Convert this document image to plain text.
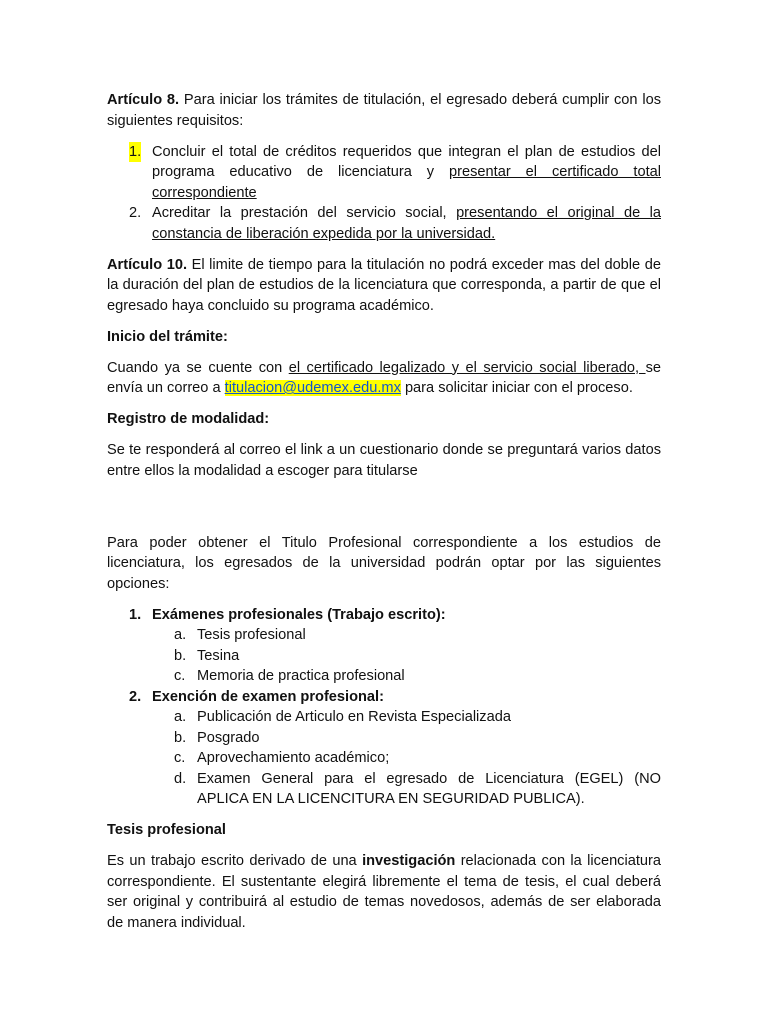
Artículo 8. Para iniciar los trámites de titulación, el egresado deberá cumplir con los siguientes requisitos:

1. Concluir el total de créditos requeridos que integran el plan de estudios del programa educativo de licenciatura y presentar el certificado total correspondiente
2. Acreditar la prestación del servicio social, presentando el original de la constancia de liberación expedida por la universidad.

Artículo 10. El limite de tiempo para la titulación no podrá exceder mas del doble de la duración del plan de estudios de la licenciatura que corresponda, a partir de que el egresado haya concluido su programa académico.

Inicio del trámite:

Cuando ya se cuente con el certificado legalizado y el servicio social liberado, se envía un correo a titulacion@udemex.edu.mx para solicitar iniciar con el proceso.

Registro de modalidad:

Se te responderá al correo el link a un cuestionario donde se preguntará varios datos entre ellos la modalidad a escoger para titularse

Para poder obtener el Titulo Profesional correspondiente a los estudios de licenciatura, los egresados de la universidad podrán optar por las siguientes opciones:

1. Exámenes profesionales (Trabajo escrito):
a. Tesis profesional
b. Tesina
c. Memoria de practica profesional
2. Exención de examen profesional:
a. Publicación de Articulo en Revista Especializada
b. Posgrado
c. Aprovechamiento académico;
d. Examen General para el egresado de Licenciatura (EGEL) (NO APLICA EN LA LICENCITURA EN SEGURIDAD PUBLICA).

Tesis profesional

Es un trabajo escrito derivado de una investigación relacionada con la licenciatura correspondiente. El sustentante elegirá libremente el tema de tesis, el cual deberá ser original y contribuirá al estudio de temas novedosos, además de ser elaborada de manera individual.
